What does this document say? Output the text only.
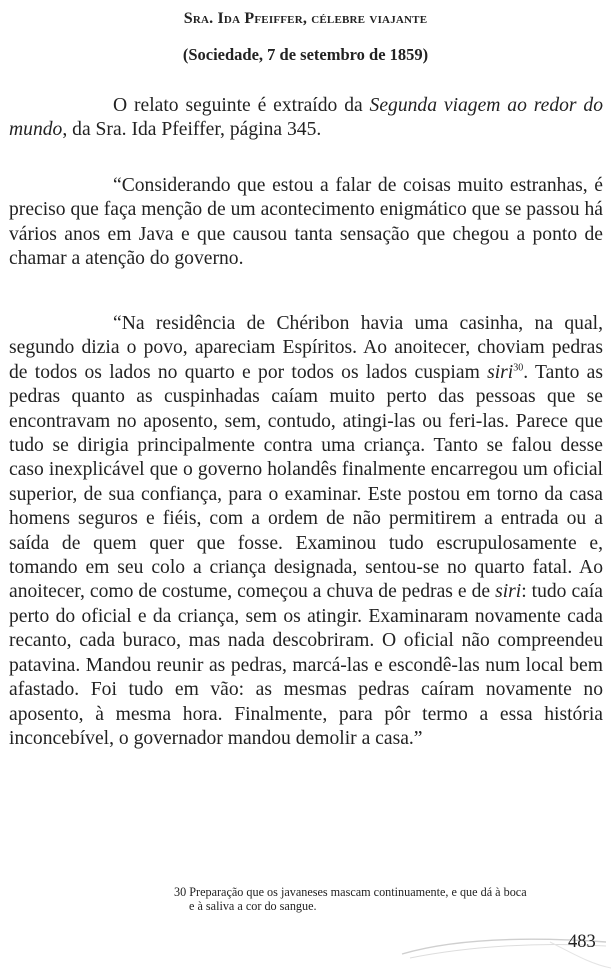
Sra. Ida Pfeiffer, célebre viajante
(Sociedade, 7 de setembro de 1859)

O relato seguinte é extraído da Segunda viagem ao redor do mundo, da Sra. Ida Pfeiffer, página 345.

“Considerando que estou a falar de coisas muito estranhas, é preciso que faça menção de um acontecimento enigmático que se passou há vários anos em Java e que causou tanta sensação que chegou a ponto de chamar a atenção do governo.

“Na residência de Chéribon havia uma casinha, na qual, segundo dizia o povo, apareciam Espíritos. Ao anoitecer, choviam pedras de todos os lados no quarto e por todos os lados cuspiam siri$^{30}$. Tanto as pedras quanto as cuspinhadas caíam muito perto das pessoas que se encontravam no aposento, sem, contudo, atingi-las ou feri-las. Parece que tudo se dirigia principalmente contra uma criança. Tanto se falou desse caso inexplicável que o governo holandês finalmente encarregou um oficial superior, de sua confiança, para o examinar. Este postou em torno da casa homens seguros e fiéis, com a ordem de não permitirem a entrada ou a saída de quem quer que fosse. Examinou tudo escrupulosamente e, tomando em seu colo a criança designada, sentou-se no quarto fatal. Ao anoitecer, como de costume, começou a chuva de pedras e de siri: tudo caía perto do oficial e da criança, sem os atingir. Examinaram novamente cada recanto, cada buraco, mas nada descobriram. O oficial não compreendeu patavina. Mandou reunir as pedras, marcá-las e escondê-las num local bem afastado. Foi tudo em vão: as mesmas pedras caíram novamente no aposento, à mesma hora. Finalmente, para pôr termo a essa história inconcebível, o governador mandou demolir a casa.”

30 Preparação que os javaneses mascam continuamente, e que dá à boca
e à saliva a cor do sangue.
483
